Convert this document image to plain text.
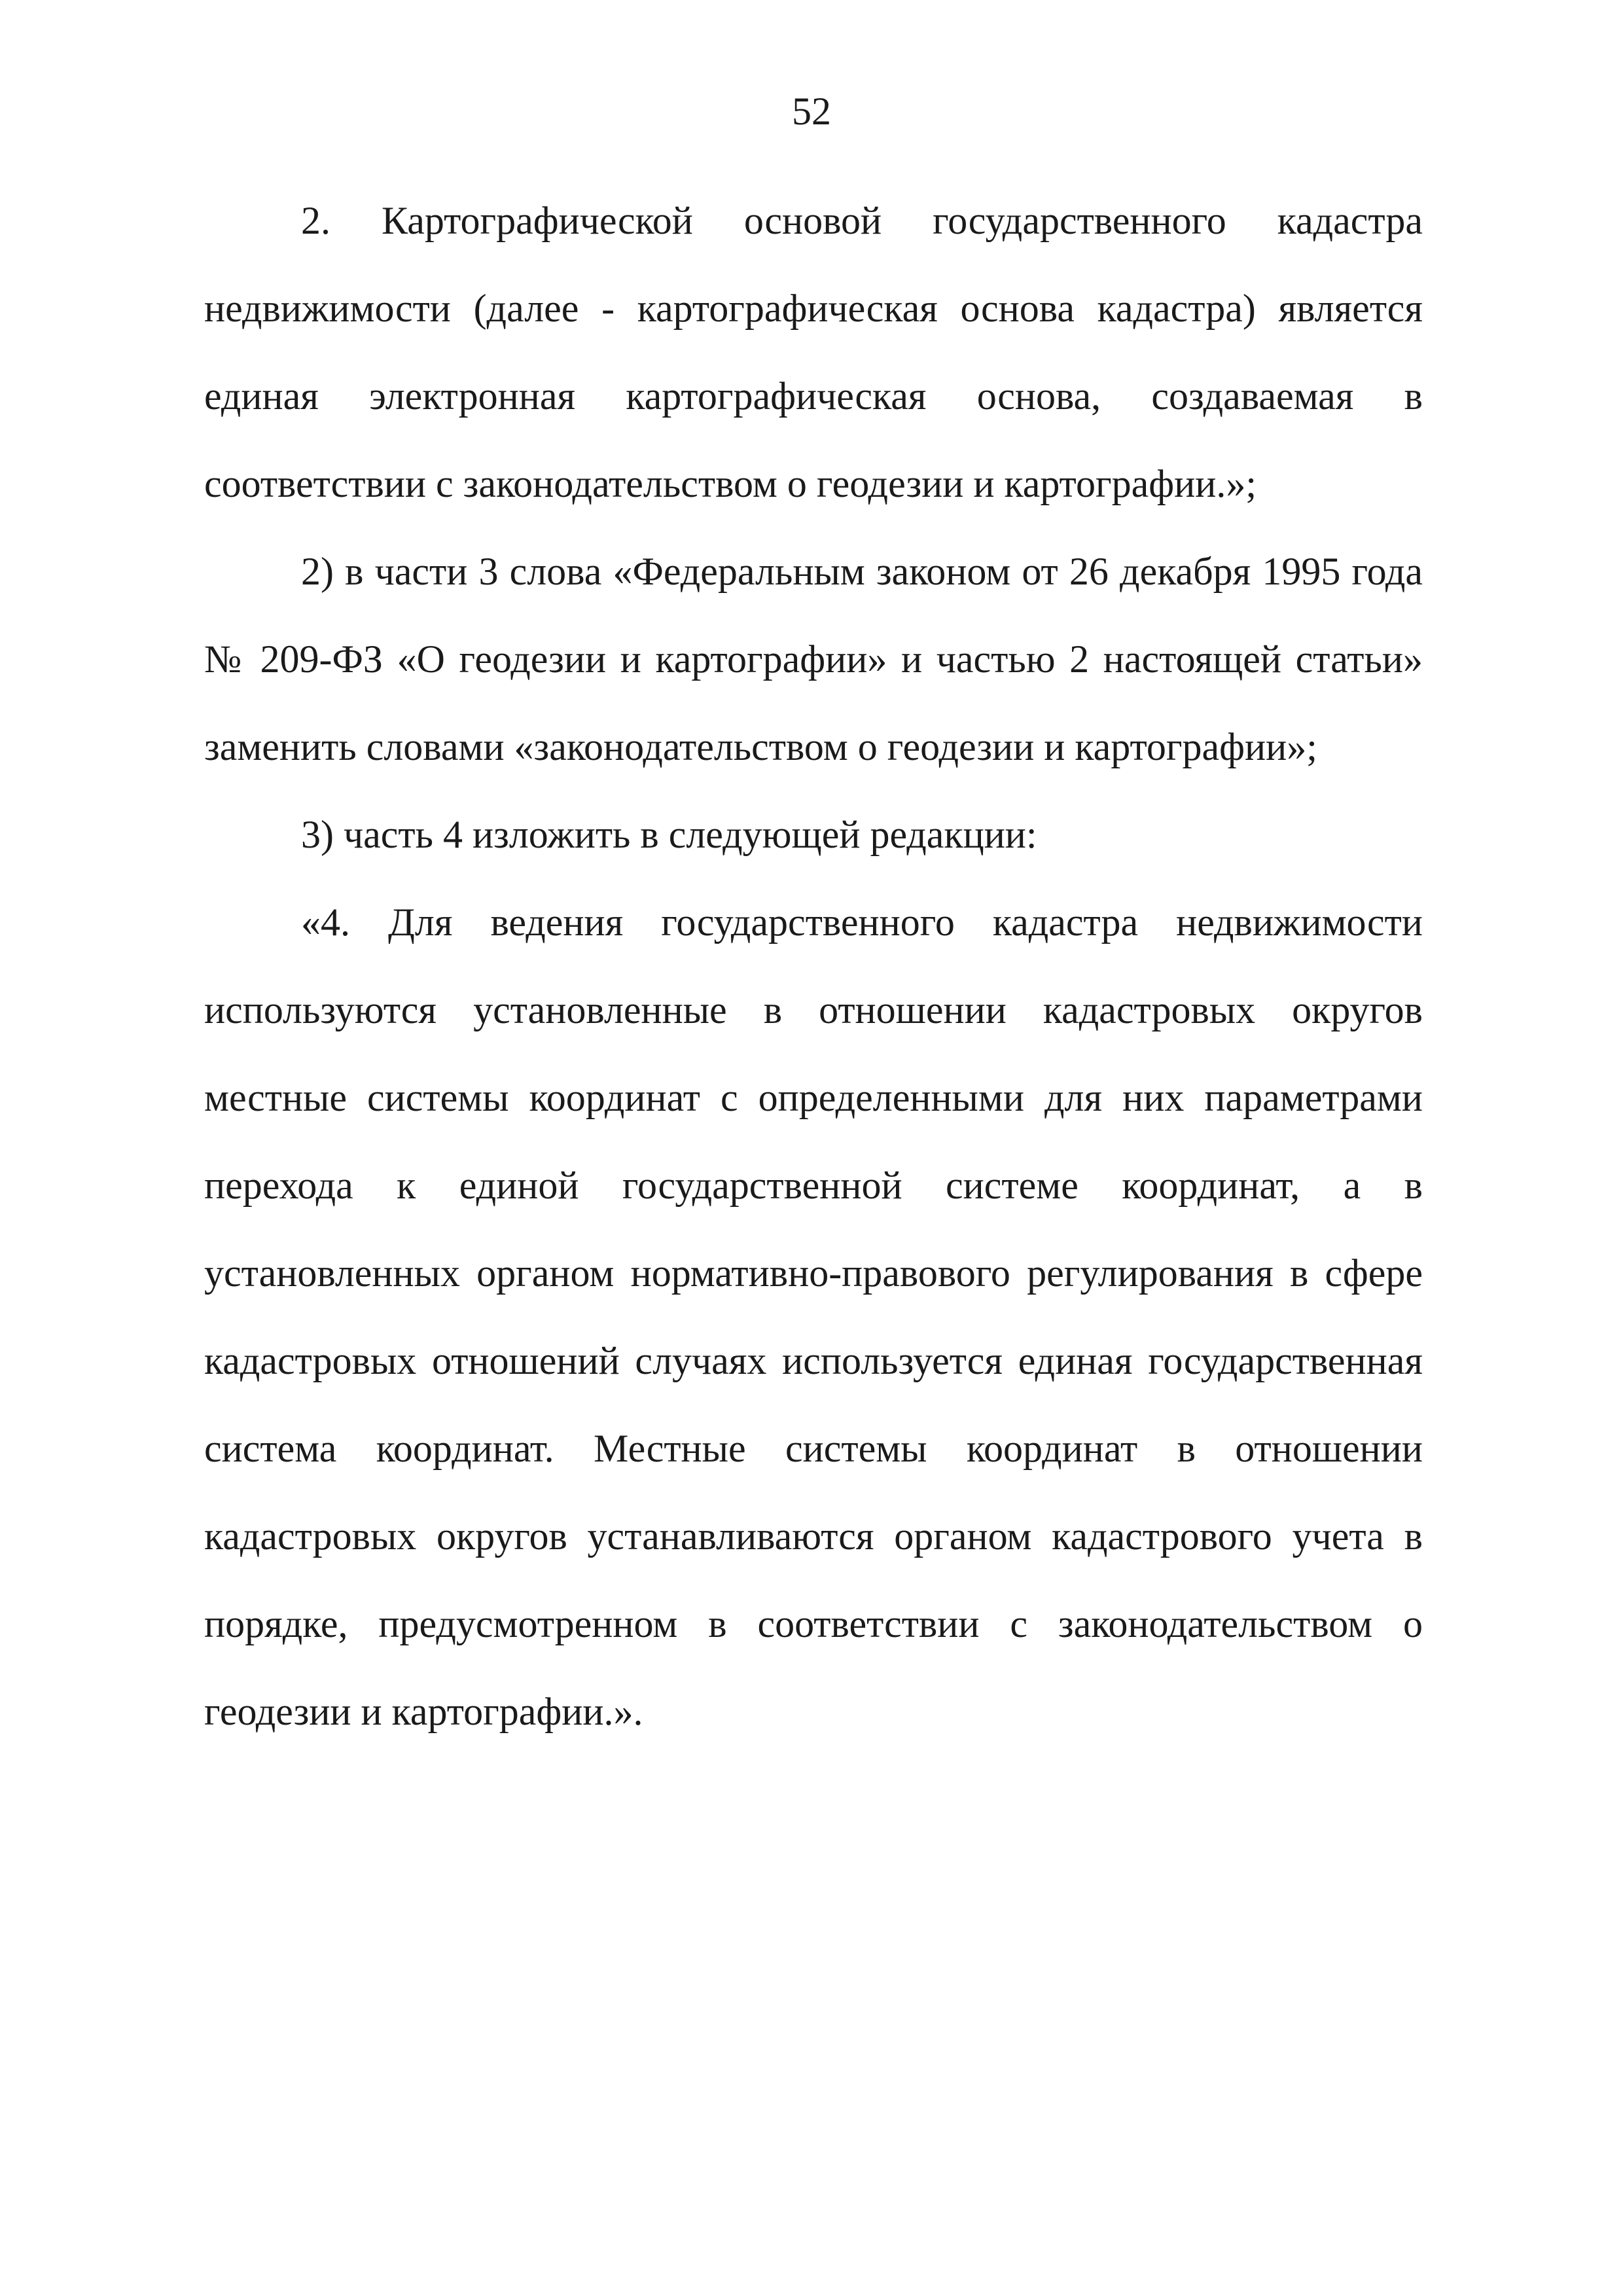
52

2. Картографической основой государственного кадастра недвижимости (далее - картографическая основа кадастра) является единая электронная картографическая основа, создаваемая в соответствии с законодательством о геодезии и картографии.»;

2) в части 3 слова «Федеральным законом от 26 декабря 1995 года № 209-ФЗ «О геодезии и картографии» и частью 2 настоящей статьи» заменить словами «законодательством о геодезии и картографии»;

3) часть 4 изложить в следующей редакции:

«4. Для ведения государственного кадастра недвижимости используются установленные в отношении кадастровых округов местные системы координат с определенными для них параметрами перехода к единой государственной системе координат, а в установленных органом нормативно-правового регулирования в сфере кадастровых отношений случаях используется единая государственная система координат. Местные системы координат в отношении кадастровых округов устанавливаются органом кадастрового учета в порядке, предусмотренном в соответствии с законодательством о геодезии и картографии.».
